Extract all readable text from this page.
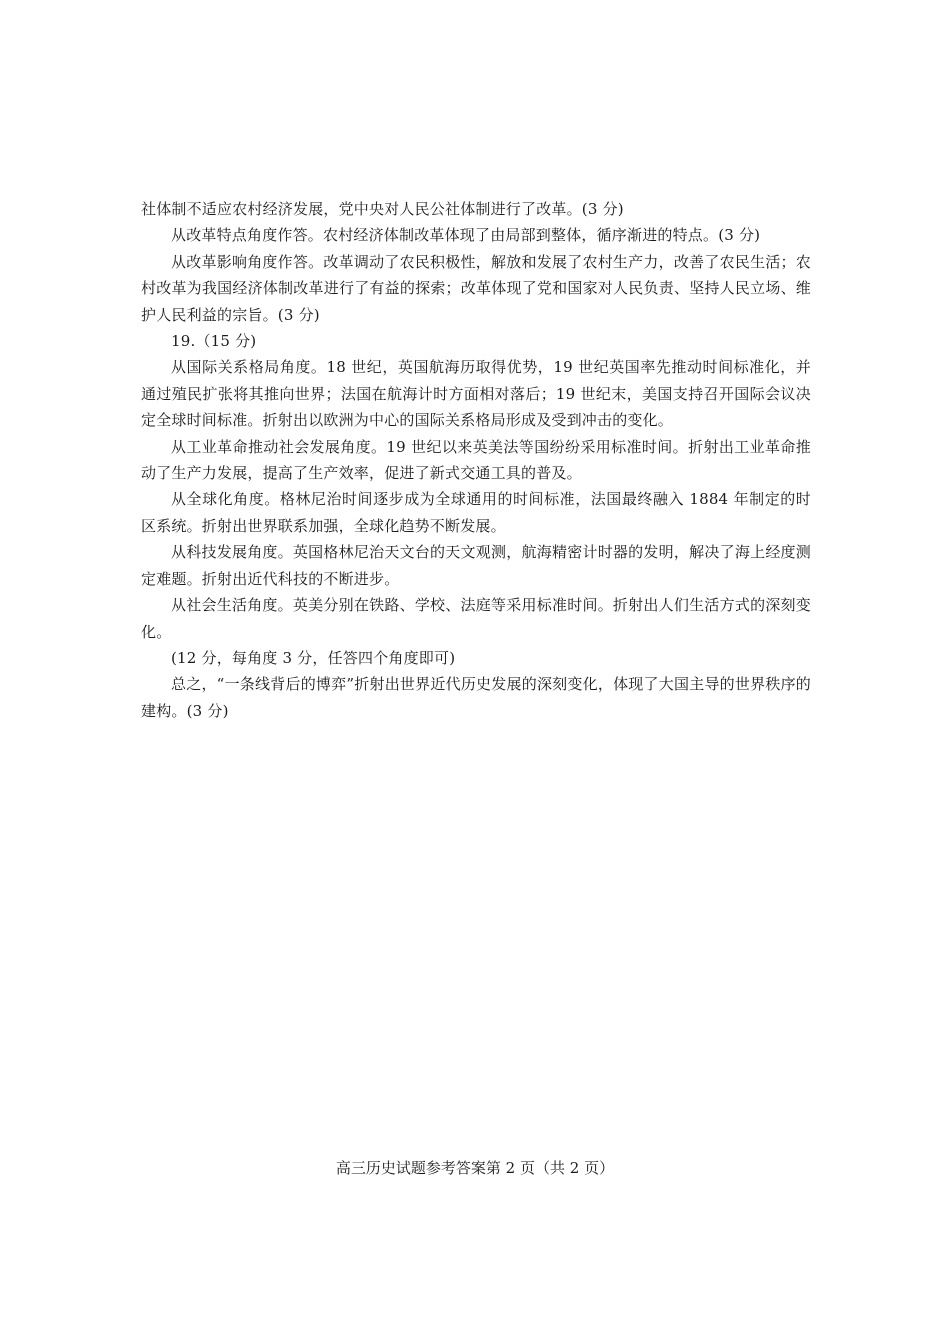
社体制不适应农村经济发展，党中央对人民公社体制进行了改革。(3 分)

从改革特点角度作答。农村经济体制改革体现了由局部到整体，循序渐进的特点。(3 分)

从改革影响角度作答。改革调动了农民积极性，解放和发展了农村生产力，改善了农民生活；农村改革为我国经济体制改革进行了有益的探索；改革体现了党和国家对人民负责、坚持人民立场、维护人民利益的宗旨。(3 分)

19.（15 分)

从国际关系格局角度。18 世纪，英国航海历取得优势，19 世纪英国率先推动时间标准化，并通过殖民扩张将其推向世界；法国在航海计时方面相对落后；19 世纪末，美国支持召开国际会议决定全球时间标准。折射出以欧洲为中心的国际关系格局形成及受到冲击的变化。

从工业革命推动社会发展角度。19 世纪以来英美法等国纷纷采用标准时间。折射出工业革命推动了生产力发展，提高了生产效率，促进了新式交通工具的普及。

从全球化角度。格林尼治时间逐步成为全球通用的时间标准，法国最终融入 1884 年制定的时区系统。折射出世界联系加强，全球化趋势不断发展。

从科技发展角度。英国格林尼治天文台的天文观测，航海精密计时器的发明，解决了海上经度测定难题。折射出近代科技的不断进步。

从社会生活角度。英美分别在铁路、学校、法庭等采用标准时间。折射出人们生活方式的深刻变化。

(12 分，每角度 3 分，任答四个角度即可)

总之，“一条线背后的博弈”折射出世界近代历史发展的深刻变化，体现了大国主导的世界秩序的建构。(3 分)

高三历史试题参考答案第 2 页（共 2 页）
